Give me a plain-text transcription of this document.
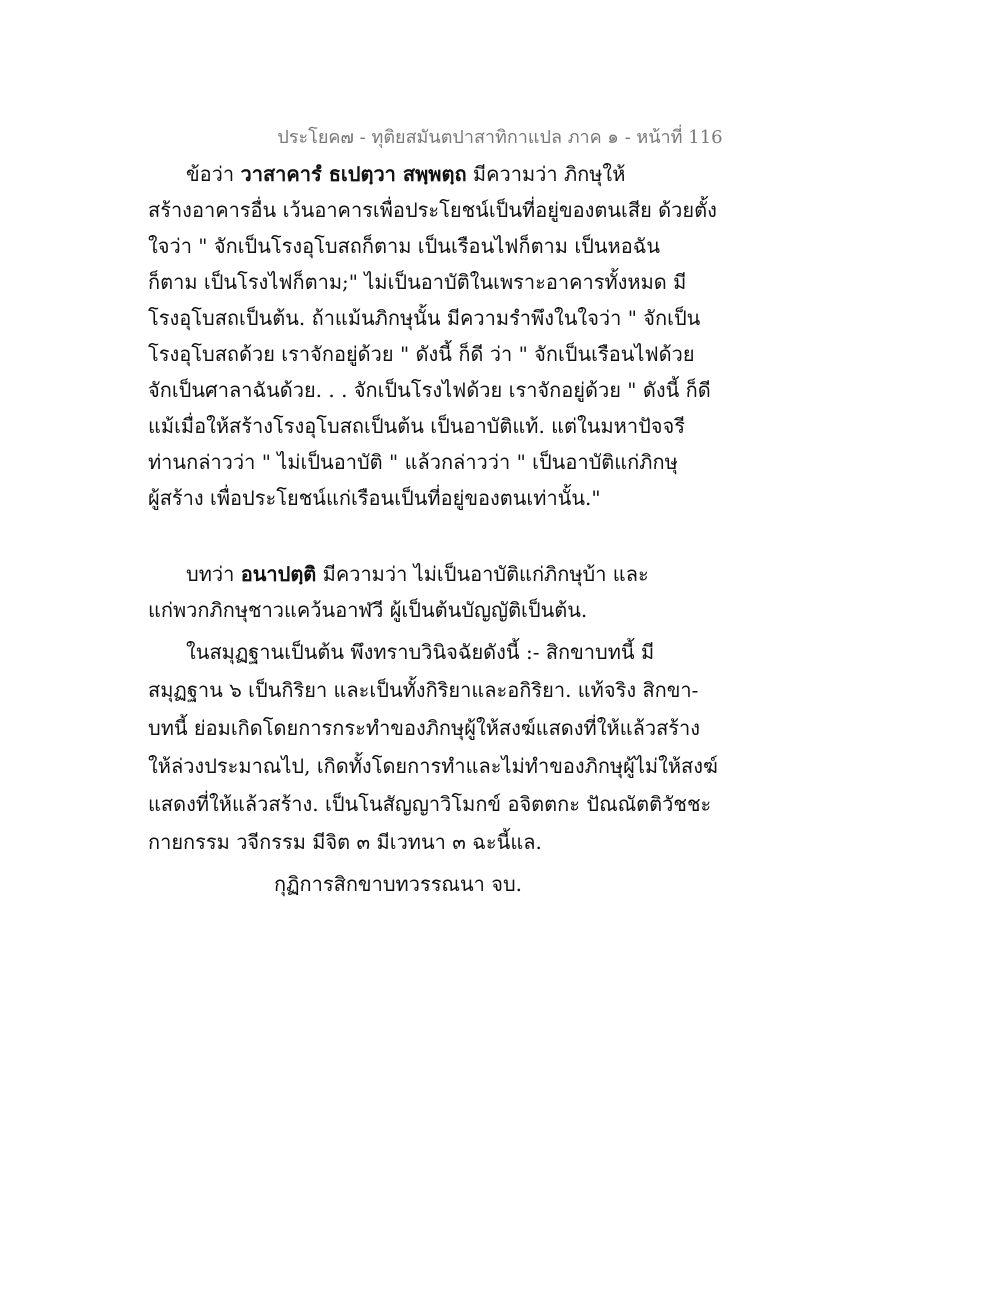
ประโยค๗ - ทุติยสมันตปาสาทิกาแปล ภาค ๑ - หน้าที่ 116
ข้อว่า วาสาคารํ ธเปตฺวา สพฺพตฺถ มีความว่า ภิกษุให้
สร้างอาคารอื่น เว้นอาคารเพื่อประโยชน์เป็นที่อยู่ของตนเสีย ด้วยตั้ง
ใจว่า " จักเป็นโรงอุโบสถก็ตาม เป็นเรือนไฟก็ตาม เป็นหอฉัน
ก็ตาม เป็นโรงไฟก็ตาม;" ไม่เป็นอาบัติในเพราะอาคารทั้งหมด มี
โรงอุโบสถเป็นต้น. ถ้าแม้นภิกษุนั้น มีความรำพึงในใจว่า " จักเป็น
โรงอุโบสถด้วย เราจักอยู่ด้วย " ดังนี้ ก็ดี ว่า " จักเป็นเรือนไฟด้วย
จักเป็นศาลาฉันด้วย. . . จักเป็นโรงไฟด้วย เราจักอยู่ด้วย " ดังนี้ ก็ดี
แม้เมื่อให้สร้างโรงอุโบสถเป็นต้น เป็นอาบัติแท้. แต่ในมหาปัจจรี
ท่านกล่าวว่า " ไม่เป็นอาบัติ " แล้วกล่าวว่า " เป็นอาบัติแก่ภิกษุ
ผู้สร้าง เพื่อประโยชน์แก่เรือนเป็นที่อยู่ของตนเท่านั้น."
บทว่า อนาปตฺติ มีความว่า ไม่เป็นอาบัติแก่ภิกษุบ้า และ
แก่พวกภิกษุชาวแคว้นอาฬวี ผู้เป็นต้นบัญญัติเป็นต้น.
ในสมุฏฐานเป็นต้น พึงทราบวินิจฉัยดังนี้ :- สิกขาบทนี้ มี
สมุฏฐาน ๖ เป็นกิริยา และเป็นทั้งกิริยาและอกิริยา. แท้จริง สิกขา-
บทนี้ ย่อมเกิดโดยการกระทำของภิกษุผู้ให้สงฆ์แสดงที่ให้แล้วสร้าง
ให้ล่วงประมาณไป, เกิดทั้งโดยการทำและไม่ทำของภิกษุผู้ไม่ให้สงฆ์
แสดงที่ให้แล้วสร้าง. เป็นโนสัญญาวิโมกข์ อจิตตกะ ปัณณัตติวัชชะ
กายกรรม วจีกรรม มีจิต ๓ มีเวทนา ๓ ฉะนี้แล.
กุฏิการสิกขาบทวรรณนา จบ.
